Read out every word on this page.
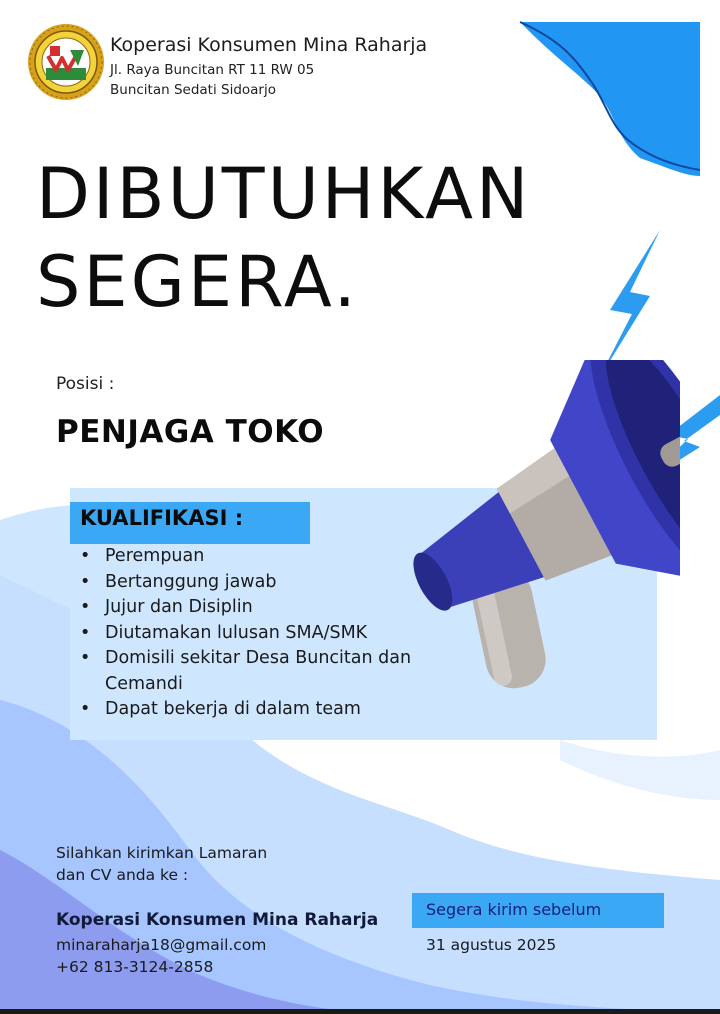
Koperasi Konsumen Mina Raharja
Jl. Raya Buncitan RT 11 RW 05
Buncitan Sedati Sidoarjo
DIBUTUHKAN
SEGERA.
Posisi :
PENJAGA TOKO
KUALIFIKASI :
• Perempuan
• Bertanggung jawab
• Jujur dan Disiplin
• Diutamakan lulusan SMA/SMK
• Domisili sekitar Desa Buncitan dan Cemandi
• Dapat bekerja di dalam team
Silahkan kirimkan Lamaran
dan CV anda ke :
Koperasi Konsumen Mina Raharja
minaraharja18@gmail.com
+62 813-3124-2858
Segera kirim sebelum
31 agustus 2025
